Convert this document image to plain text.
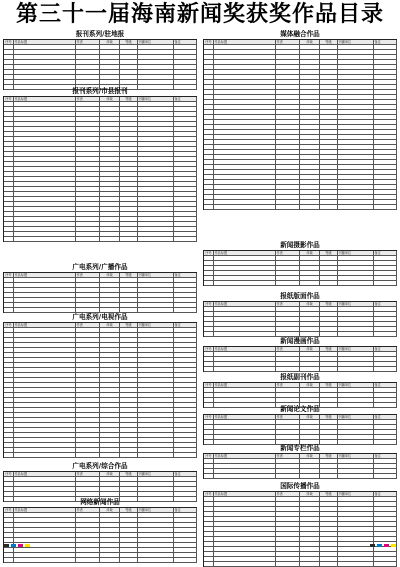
第三十一届海南新闻奖获奖作品目录
报刊系列/驻地报
序号 作品标题	作者	体裁	等级	刊播单位	备注
报刊系列/市县报刊
序号 作品标题	作者	体裁	等级	刊播单位	备注
广电系列/广播作品
序号 作品标题	作者	体裁	等级	刊播单位	备注
广电系列/电视作品
序号 作品标题	作者	体裁	等级	刊播单位	备注
广电系列/综合作品
序号 作品标题	作者	体裁	等级	刊播单位	备注
网络新闻作品
序号 作品标题	作者	体裁	等级	刊播单位	备注
媒体融合作品
序号 作品标题	作者	体裁	等级	刊播单位	备注
新闻摄影作品
序号 作品标题	作者	体裁	等级	刊播单位	备注
报纸版面作品
序号 作品标题	作者	体裁	等级	刊播单位	备注
新闻漫画作品
序号 作品标题	作者	体裁	等级	刊播单位	备注
报纸副刊作品
序号 作品标题	作者	体裁	等级	刊播单位	备注
新闻论文作品
序号 作品标题	作者	体裁	等级	刊播单位	备注
新闻专栏作品
序号 作品标题	作者	体裁	等级	刊播单位	备注
国际传播作品
序号 作品标题	作者	体裁	等级	刊播单位	备注
